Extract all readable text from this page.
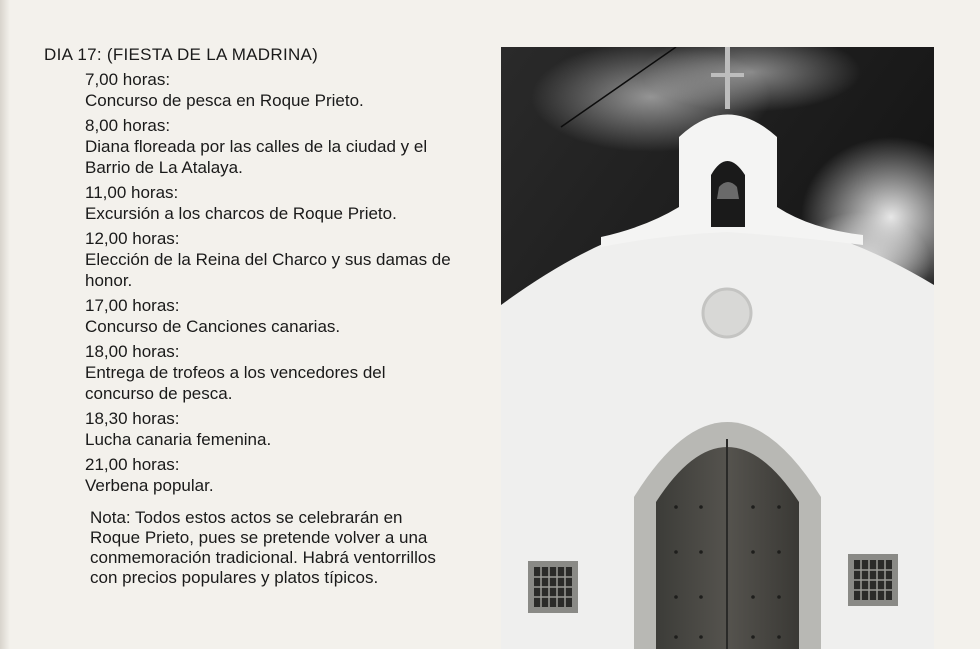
DIA 17: (FIESTA DE LA MADRINA)
7,00 horas:
Concurso de pesca en Roque Prieto.
8,00 horas:
Diana floreada por las calles de la ciudad y el Barrio de La Atalaya.
11,00 horas:
Excursión a los charcos de Roque Prieto.
12,00 horas:
Elección de la Reina del Charco y sus damas de honor.
17,00 horas:
Concurso de Canciones canarias.
18,00 horas:
Entrega de trofeos a los vencedores del concurso de pesca.
18,30 horas:
Lucha canaria femenina.
21,00 horas:
Verbena popular.
Nota: Todos estos actos se celebrarán en Roque Prieto, pues se pretende volver a una conmemoración tradicional. Habrá ventorrillos con precios populares y platos típicos.
